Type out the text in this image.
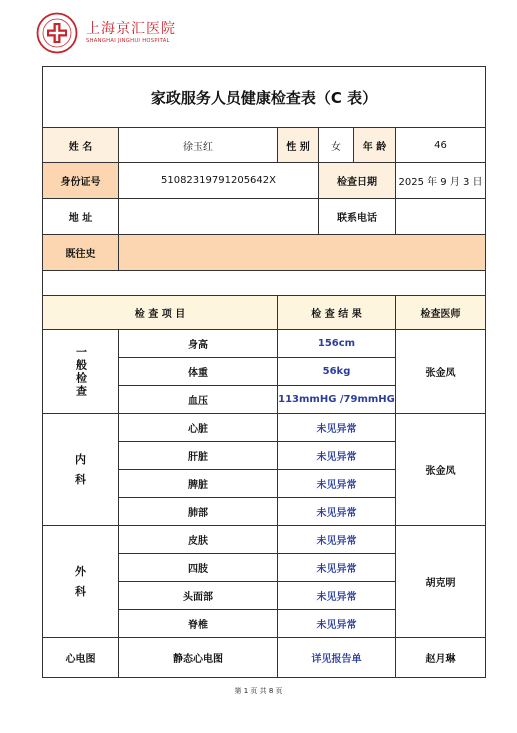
上海京汇医院
SHANGHAI JINGHUI HOSPITAL
家政服务人员健康检查表（C 表）					
姓 名	徐玉红	性 别	女	年 龄	46
身份证号	51082319791205642X		检查日期		2025 年 9 月 3 日
地 址			联系电话		
既往史					

检 查 项 目		检 查 结 果			检查医师
一般检查	身高	156cm			张金凤
	体重	56kg			
	血压	113mmHG /79mmHG			
内
科	心脏	未见异常			张金凤
	肝脏	未见异常			
	脾脏	未见异常			
	肺部	未见异常			
外
科	皮肤	未见异常			胡克明
	四肢	未见异常			
	头面部	未见异常			
	脊椎	未见异常			
心电图	静态心电图	详见报告单			赵月琳
第 1 页 共 8 页
